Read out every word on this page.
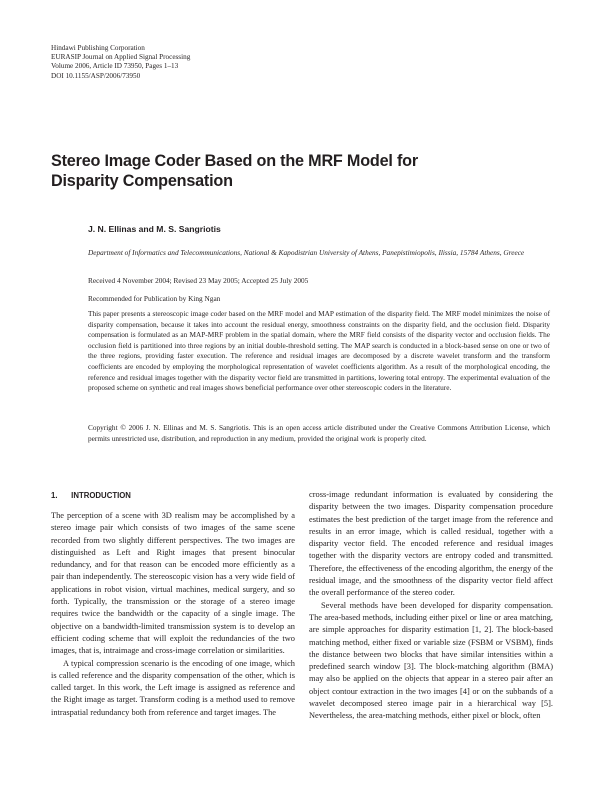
Hindawi Publishing Corporation
EURASIP Journal on Applied Signal Processing
Volume 2006, Article ID 73950, Pages 1–13
DOI 10.1155/ASP/2006/73950
Stereo Image Coder Based on the MRF Model for Disparity Compensation
J. N. Ellinas and M. S. Sangriotis
Department of Informatics and Telecommunications, National & Kapodistrian University of Athens, Panepistimiopolis, Ilissia, 15784 Athens, Greece
Received 4 November 2004; Revised 23 May 2005; Accepted 25 July 2005
Recommended for Publication by King Ngan
This paper presents a stereoscopic image coder based on the MRF model and MAP estimation of the disparity field. The MRF model minimizes the noise of disparity compensation, because it takes into account the residual energy, smoothness constraints on the disparity field, and the occlusion field. Disparity compensation is formulated as an MAP-MRF problem in the spatial domain, where the MRF field consists of the disparity vector and occlusion fields. The occlusion field is partitioned into three regions by an initial double-threshold setting. The MAP search is conducted in a block-based sense on one or two of the three regions, providing faster execution. The reference and residual images are decomposed by a discrete wavelet transform and the transform coefficients are encoded by employing the morphological representation of wavelet coefficients algorithm. As a result of the morphological encoding, the reference and residual images together with the disparity vector field are transmitted in partitions, lowering total entropy. The experimental evaluation of the proposed scheme on synthetic and real images shows beneficial performance over other stereoscopic coders in the literature.
Copyright © 2006 J. N. Ellinas and M. S. Sangriotis. This is an open access article distributed under the Creative Commons Attribution License, which permits unrestricted use, distribution, and reproduction in any medium, provided the original work is properly cited.
1. INTRODUCTION

The perception of a scene with 3D realism may be accomplished by a stereo image pair which consists of two images of the same scene recorded from two slightly different perspectives. The two images are distinguished as Left and Right images that present binocular redundancy, and for that reason can be encoded more efficiently as a pair than independently. The stereoscopic vision has a very wide field of applications in robot vision, virtual machines, medical surgery, and so forth. Typically, the transmission or the storage of a stereo image requires twice the bandwidth or the capacity of a single image. The objective on a bandwidth-limited transmission system is to develop an efficient coding scheme that will exploit the redundancies of the two images, that is, intraimage and cross-image correlation or similarities.

A typical compression scenario is the encoding of one image, which is called reference and the disparity compensation of the other, which is called target. In this work, the Left image is assigned as reference and the Right image as target. Transform coding is a method used to remove intraspatial redundancy both from reference and target images. The

cross-image redundant information is evaluated by considering the disparity between the two images. Disparity compensation procedure estimates the best prediction of the target image from the reference and results in an error image, which is called residual, together with a disparity vector field. The encoded reference and residual images together with the disparity vectors are entropy coded and transmitted. Therefore, the effectiveness of the encoding algorithm, the energy of the residual image, and the smoothness of the disparity vector field affect the overall performance of the stereo coder.

Several methods have been developed for disparity compensation. The area-based methods, including either pixel or line or area matching, are simple approaches for disparity estimation [1, 2]. The block-based matching method, either fixed or variable size (FSBM or VSBM), finds the distance between two blocks that have similar intensities within a predefined search window [3]. The block-matching algorithm (BMA) may also be applied on the objects that appear in a stereo pair after an object contour extraction in the two images [4] or on the subbands of a wavelet decomposed stereo image pair in a hierarchical way [5]. Nevertheless, the area-matching methods, either pixel or block, often
